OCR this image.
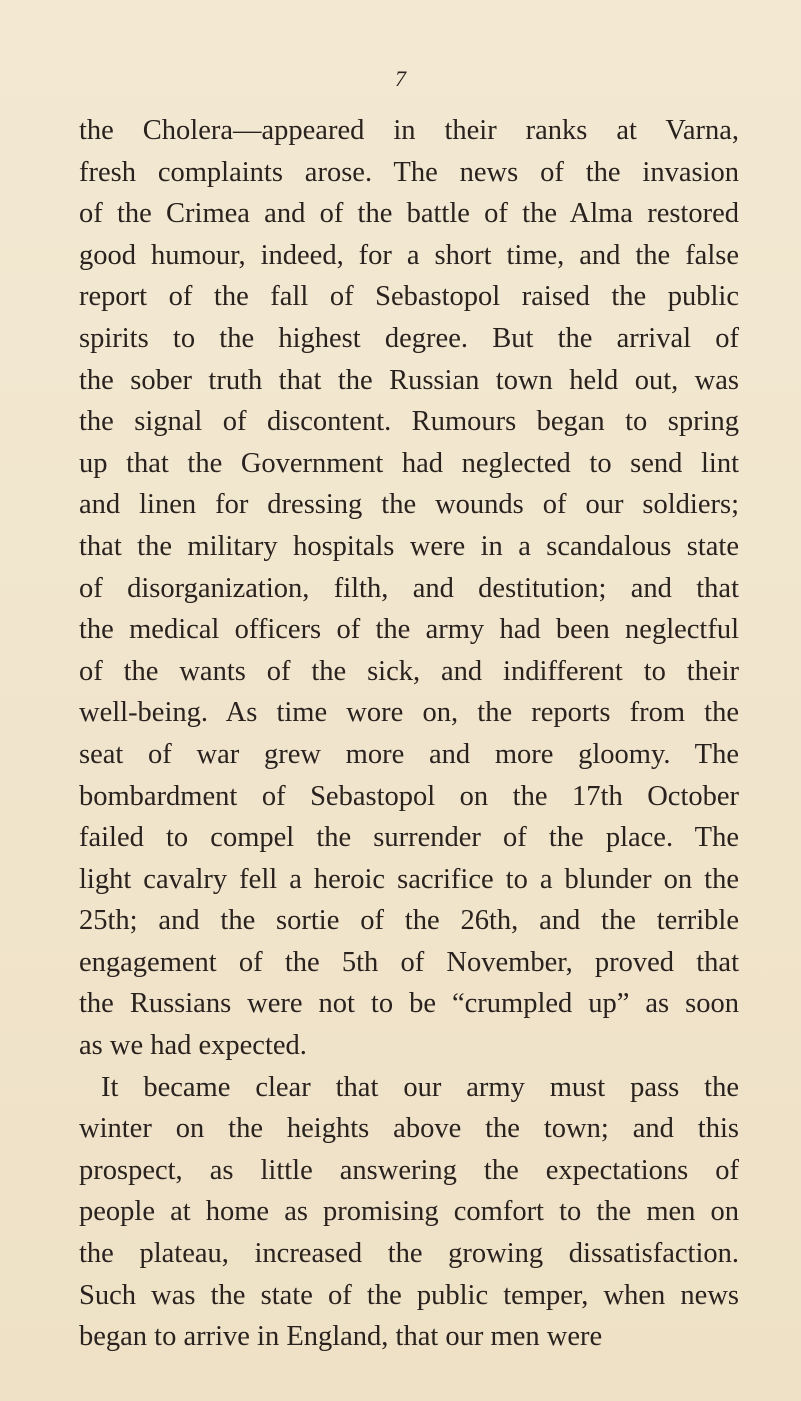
7
the Cholera—appeared in their ranks at Varna,
fresh complaints arose. The news of the invasion
of the Crimea and of the battle of the Alma restored
good humour, indeed, for a short time, and the false
report of the fall of Sebastopol raised the public
spirits to the highest degree. But the arrival of
the sober truth that the Russian town held out, was
the signal of discontent. Rumours began to spring
up that the Government had neglected to send lint
and linen for dressing the wounds of our soldiers;
that the military hospitals were in a scandalous state
of disorganization, filth, and destitution; and that
the medical officers of the army had been neglectful
of the wants of the sick, and indifferent to their
well-being. As time wore on, the reports from the
seat of war grew more and more gloomy. The
bombardment of Sebastopol on the 17th October
failed to compel the surrender of the place. The
light cavalry fell a heroic sacrifice to a blunder on the
25th; and the sortie of the 26th, and the terrible
engagement of the 5th of November, proved that
the Russians were not to be “crumpled up” as soon
as we had expected.
It became clear that our army must pass the
winter on the heights above the town; and this
prospect, as little answering the expectations of
people at home as promising comfort to the men on
the plateau, increased the growing dissatisfaction.
Such was the state of the public temper, when news
began to arrive in England, that our men were
